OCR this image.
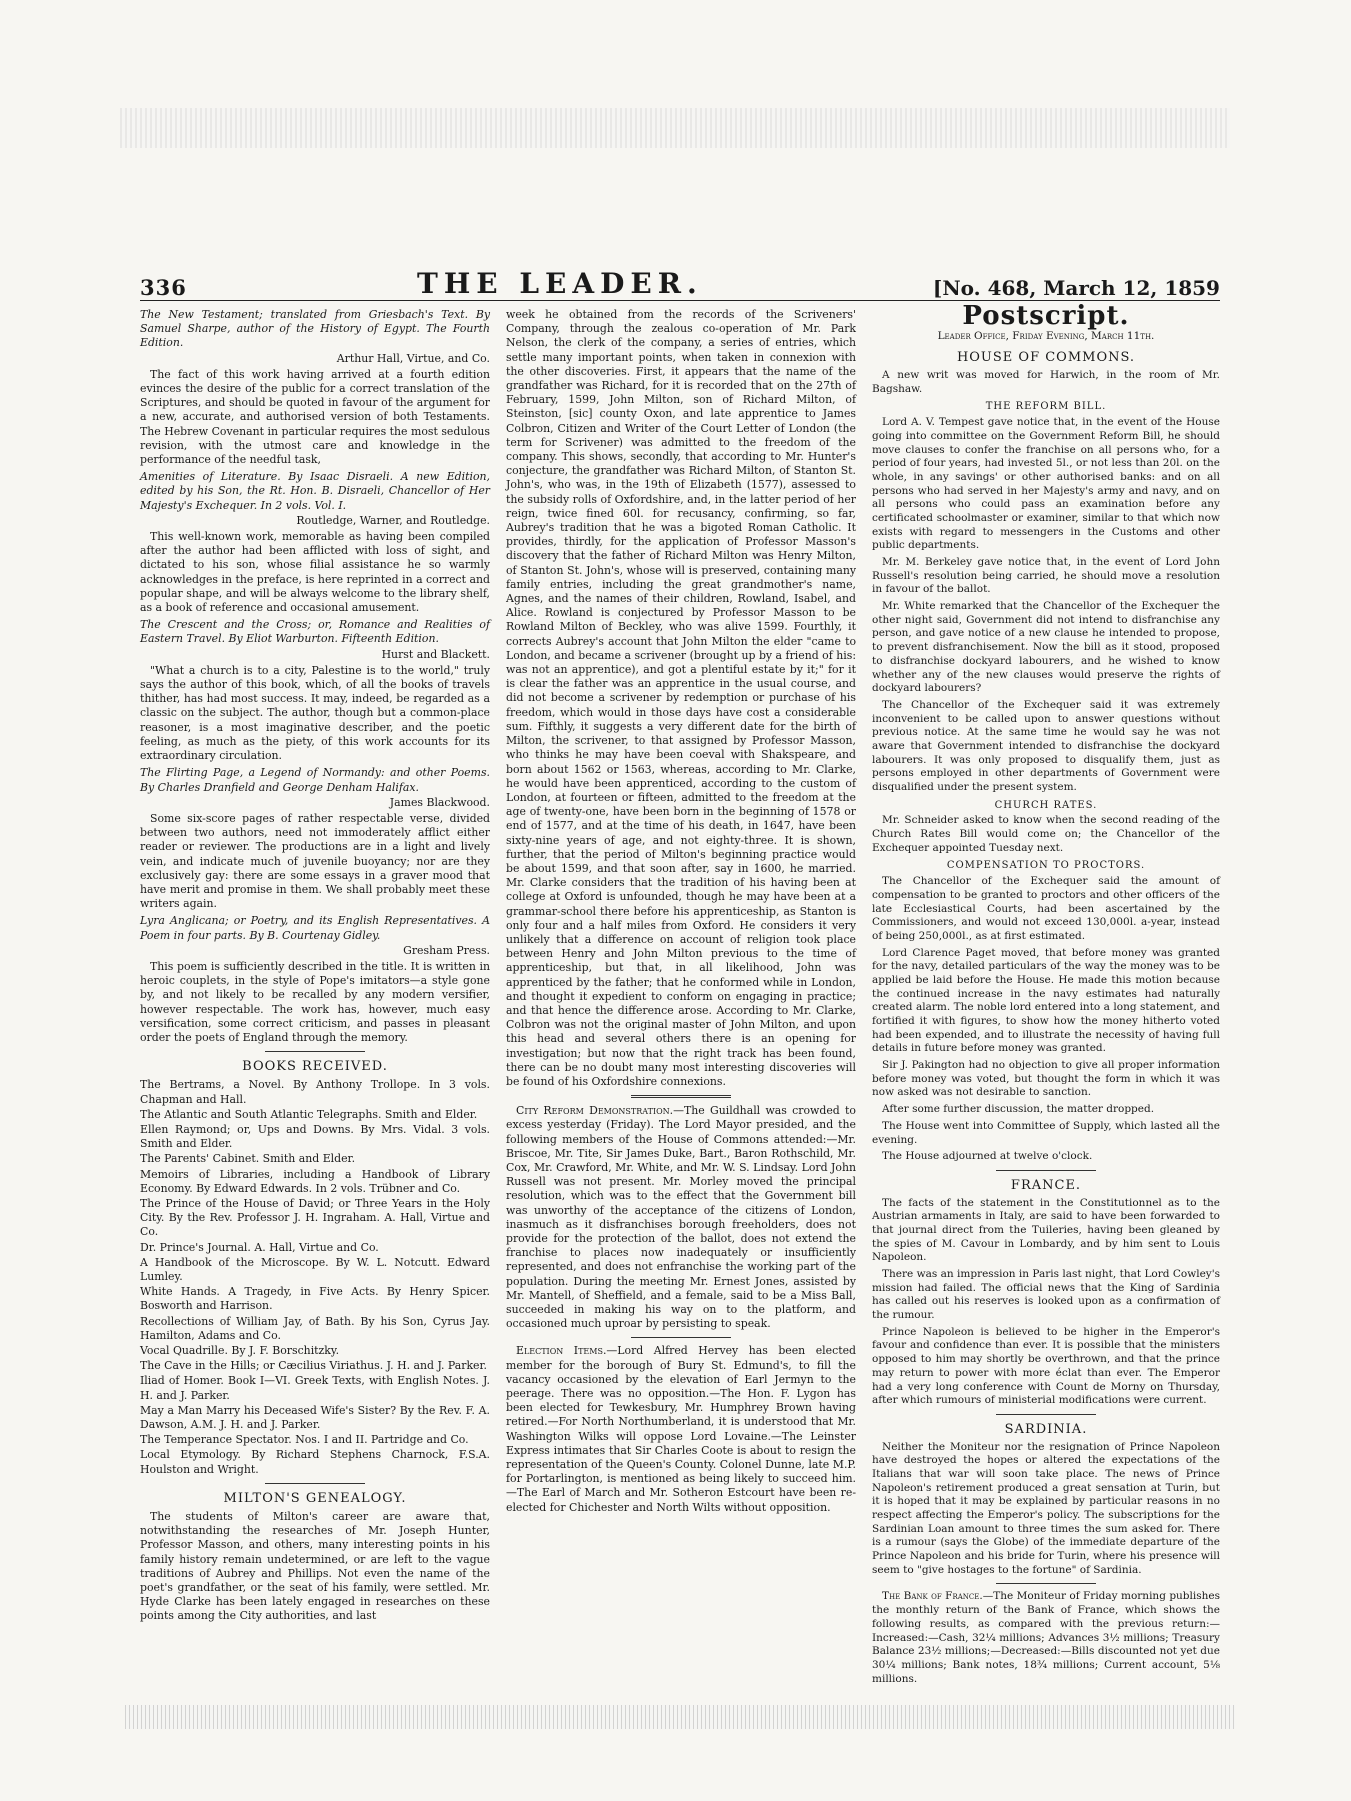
336	THE LEADER.	[No. 468, March 12, 1859
The New Testament; translated from Griesbach's Text. By Samuel Sharpe, author of the History of Egypt. The Fourth Edition.
Arthur Hall, Virtue, and Co.

The fact of this work having arrived at a fourth edition evinces the desire of the public for a correct translation of the Scriptures, and should be quoted in favour of the argument for a new, accurate, and authorised version of both Testaments. The Hebrew Covenant in particular requires the most sedulous revision, with the utmost care and knowledge in the performance of the needful task,

Amenities of Literature. By Isaac Disraeli. A new Edition, edited by his Son, the Rt. Hon. B. Disraeli, Chancellor of Her Majesty's Exchequer. In 2 vols. Vol. I.
Routledge, Warner, and Routledge.

This well-known work, memorable as having been compiled after the author had been afflicted with loss of sight, and dictated to his son, whose filial assistance he so warmly acknowledges in the preface, is here reprinted in a correct and popular shape, and will be always welcome to the library shelf, as a book of reference and occasional amusement.

The Crescent and the Cross; or, Romance and Realities of Eastern Travel. By Eliot Warburton. Fifteenth Edition.
Hurst and Blackett.

"What a church is to a city, Palestine is to the world," truly says the author of this book, which, of all the books of travels thither, has had most success. It may, indeed, be regarded as a classic on the subject. The author, though but a common-place reasoner, is a most imaginative describer, and the poetic feeling, as much as the piety, of this work accounts for its extraordinary circulation.

The Flirting Page, a Legend of Normandy: and other Poems. By Charles Dranfield and George Denham Halifax.
James Blackwood.

Some six-score pages of rather respectable verse, divided between two authors, need not immoderately afflict either reader or reviewer. The productions are in a light and lively vein, and indicate much of juvenile buoyancy; nor are they exclusively gay: there are some essays in a graver mood that have merit and promise in them. We shall probably meet these writers again.

Lyra Anglicana; or Poetry, and its English Representatives. A Poem in four parts. By B. Courtenay Gidley.
Gresham Press.

This poem is sufficiently described in the title. It is written in heroic couplets, in the style of Pope's imitators—a style gone by, and not likely to be recalled by any modern versifier, however respectable. The work has, however, much easy versification, some correct criticism, and passes in pleasant order the poets of England through the memory.

BOOKS RECEIVED.
The Bertrams, a Novel. By Anthony Trollope. In 3 vols. Chapman and Hall.
The Atlantic and South Atlantic Telegraphs. Smith and Elder.
Ellen Raymond; or, Ups and Downs. By Mrs. Vidal. 3 vols. Smith and Elder.
The Parents' Cabinet. Smith and Elder.
Memoirs of Libraries, including a Handbook of Library Economy. By Edward Edwards. In 2 vols. Trübner and Co.
The Prince of the House of David; or Three Years in the Holy City. By the Rev. Professor J. H. Ingraham. A. Hall, Virtue and Co.
Dr. Prince's Journal. A. Hall, Virtue and Co.
A Handbook of the Microscope. By W. L. Notcutt. Edward Lumley.
White Hands. A Tragedy, in Five Acts. By Henry Spicer. Bosworth and Harrison.
Recollections of William Jay, of Bath. By his Son, Cyrus Jay. Hamilton, Adams and Co.
Vocal Quadrille. By J. F. Borschitzky.
The Cave in the Hills; or Cæcilius Viriathus. J. H. and J. Parker.
Iliad of Homer. Book I—VI. Greek Texts, with English Notes. J. H. and J. Parker.
May a Man Marry his Deceased Wife's Sister? By the Rev. F. A. Dawson, A.M. J. H. and J. Parker.
The Temperance Spectator. Nos. I and II. Partridge and Co.
Local Etymology. By Richard Stephens Charnock, F.S.A. Houlston and Wright.
MILTON'S GENEALOGY.

The students of Milton's career are aware that, notwithstanding the researches of Mr. Joseph Hunter, Professor Masson, and others, many interesting points in his family history remain undetermined, or are left to the vague traditions of Aubrey and Phillips. Not even the name of the poet's grandfather, or the seat of his family, were settled. Mr. Hyde Clarke has been lately engaged in researches on these points among the City authorities, and last

week he obtained from the records of the Scriveners' Company, through the zealous co-operation of Mr. Park Nelson, the clerk of the company, a series of entries, which settle many important points, when taken in connexion with the other discoveries. First, it appears that the name of the grandfather was Richard, for it is recorded that on the 27th of February, 1599, John Milton, son of Richard Milton, of Steinston, [sic] county Oxon, and late apprentice to James Colbron, Citizen and Writer of the Court Letter of London (the term for Scrivener) was admitted to the freedom of the company. This shows, secondly, that according to Mr. Hunter's conjecture, the grandfather was Richard Milton, of Stanton St. John's, who was, in the 19th of Elizabeth (1577), assessed to the subsidy rolls of Oxfordshire, and, in the latter period of her reign, twice fined 60l. for recusancy, confirming, so far, Aubrey's tradition that he was a bigoted Roman Catholic. It provides, thirdly, for the application of Professor Masson's discovery that the father of Richard Milton was Henry Milton, of Stanton St. John's, whose will is preserved, containing many family entries, including the great grandmother's name, Agnes, and the names of their children, Rowland, Isabel, and Alice. Rowland is conjectured by Professor Masson to be Rowland Milton of Beckley, who was alive 1599. Fourthly, it corrects Aubrey's account that John Milton the elder "came to London, and became a scrivener (brought up by a friend of his: was not an apprentice), and got a plentiful estate by it;" for it is clear the father was an apprentice in the usual course, and did not become a scrivener by redemption or purchase of his freedom, which would in those days have cost a considerable sum. Fifthly, it suggests a very different date for the birth of Milton, the scrivener, to that assigned by Professor Masson, who thinks he may have been coeval with Shakspeare, and born about 1562 or 1563, whereas, according to Mr. Clarke, he would have been apprenticed, according to the custom of London, at fourteen or fifteen, admitted to the freedom at the age of twenty-one, have been born in the beginning of 1578 or end of 1577, and at the time of his death, in 1647, have been sixty-nine years of age, and not eighty-three. It is shown, further, that the period of Milton's beginning practice would be about 1599, and that soon after, say in 1600, he married. Mr. Clarke considers that the tradition of his having been at college at Oxford is unfounded, though he may have been at a grammar-school there before his apprenticeship, as Stanton is only four and a half miles from Oxford. He considers it very unlikely that a difference on account of religion took place between Henry and John Milton previous to the time of apprenticeship, but that, in all likelihood, John was apprenticed by the father; that he conformed while in London, and thought it expedient to conform on engaging in practice; and that hence the difference arose. According to Mr. Clarke, Colbron was not the original master of John Milton, and upon this head and several others there is an opening for investigation; but now that the right track has been found, there can be no doubt many most interesting discoveries will be found of his Oxfordshire connexions.

City Reform Demonstration.—The Guildhall was crowded to excess yesterday (Friday). The Lord Mayor presided, and the following members of the House of Commons attended:—Mr. Briscoe, Mr. Tite, Sir James Duke, Bart., Baron Rothschild, Mr. Cox, Mr. Crawford, Mr. White, and Mr. W. S. Lindsay. Lord John Russell was not present. Mr. Morley moved the principal resolution, which was to the effect that the Government bill was unworthy of the acceptance of the citizens of London, inasmuch as it disfranchises borough freeholders, does not provide for the protection of the ballot, does not extend the franchise to places now inadequately or insufficiently represented, and does not enfranchise the working part of the population. During the meeting Mr. Ernest Jones, assisted by Mr. Mantell, of Sheffield, and a female, said to be a Miss Ball, succeeded in making his way on to the platform, and occasioned much uproar by persisting to speak.

Election Items.—Lord Alfred Hervey has been elected member for the borough of Bury St. Edmund's, to fill the vacancy occasioned by the elevation of Earl Jermyn to the peerage. There was no opposition.—The Hon. F. Lygon has been elected for Tewkesbury, Mr. Humphrey Brown having retired.—For North Northumberland, it is understood that Mr. Washington Wilks will oppose Lord Lovaine.—The Leinster Express intimates that Sir Charles Coote is about to resign the representation of the Queen's County. Colonel Dunne, late M.P. for Portarlington, is mentioned as being likely to succeed him.—The Earl of March and Mr. Sotheron Estcourt have been re-elected for Chichester and North Wilts without opposition.

Postscript.
Leader Office, Friday Evening, March 11th.
HOUSE OF COMMONS.

A new writ was moved for Harwich, in the room of Mr. Bagshaw.

THE REFORM BILL.

Lord A. V. Tempest gave notice that, in the event of the House going into committee on the Government Reform Bill, he should move clauses to confer the franchise on all persons who, for a period of four years, had invested 5l., or not less than 20l. on the whole, in any savings' or other authorised banks: and on all persons who had served in her Majesty's army and navy, and on all persons who could pass an examination before any certificated schoolmaster or examiner, similar to that which now exists with regard to messengers in the Customs and other public departments.

Mr. M. Berkeley gave notice that, in the event of Lord John Russell's resolution being carried, he should move a resolution in favour of the ballot.

Mr. White remarked that the Chancellor of the Exchequer the other night said, Government did not intend to disfranchise any person, and gave notice of a new clause he intended to propose, to prevent disfranchisement. Now the bill as it stood, proposed to disfranchise dockyard labourers, and he wished to know whether any of the new clauses would preserve the rights of dockyard labourers?

The Chancellor of the Exchequer said it was extremely inconvenient to be called upon to answer questions without previous notice. At the same time he would say he was not aware that Government intended to disfranchise the dockyard labourers. It was only proposed to disqualify them, just as persons employed in other departments of Government were disqualified under the present system.

CHURCH RATES.

Mr. Schneider asked to know when the second reading of the Church Rates Bill would come on; the Chancellor of the Exchequer appointed Tuesday next.

COMPENSATION TO PROCTORS.

The Chancellor of the Exchequer said the amount of compensation to be granted to proctors and other officers of the late Ecclesiastical Courts, had been ascertained by the Commissioners, and would not exceed 130,000l. a-year, instead of being 250,000l., as at first estimated.

Lord Clarence Paget moved, that before money was granted for the navy, detailed particulars of the way the money was to be applied be laid before the House. He made this motion because the continued increase in the navy estimates had naturally created alarm. The noble lord entered into a long statement, and fortified it with figures, to show how the money hitherto voted had been expended, and to illustrate the necessity of having full details in future before money was granted.

Sir J. Pakington had no objection to give all proper information before money was voted, but thought the form in which it was now asked was not desirable to sanction.

After some further discussion, the matter dropped.

The House went into Committee of Supply, which lasted all the evening.

The House adjourned at twelve o'clock.

FRANCE.

The facts of the statement in the Constitutionnel as to the Austrian armaments in Italy, are said to have been forwarded to that journal direct from the Tuileries, having been gleaned by the spies of M. Cavour in Lombardy, and by him sent to Louis Napoleon.

There was an impression in Paris last night, that Lord Cowley's mission had failed. The official news that the King of Sardinia has called out his reserves is looked upon as a confirmation of the rumour.

Prince Napoleon is believed to be higher in the Emperor's favour and confidence than ever. It is possible that the ministers opposed to him may shortly be overthrown, and that the prince may return to power with more éclat than ever. The Emperor had a very long conference with Count de Morny on Thursday, after which rumours of ministerial modifications were current.

SARDINIA.

Neither the Moniteur nor the resignation of Prince Napoleon have destroyed the hopes or altered the expectations of the Italians that war will soon take place. The news of Prince Napoleon's retirement produced a great sensation at Turin, but it is hoped that it may be explained by particular reasons in no respect affecting the Emperor's policy. The subscriptions for the Sardinian Loan amount to three times the sum asked for. There is a rumour (says the Globe) of the immediate departure of the Prince Napoleon and his bride for Turin, where his presence will seem to "give hostages to the fortune" of Sardinia.

The Bank of France.—The Moniteur of Friday morning publishes the monthly return of the Bank of France, which shows the following results, as compared with the previous return:—Increased:—Cash, 32¼ millions; Advances 3½ millions; Treasury Balance 23½ millions;—Decreased:—Bills discounted not yet due 30¼ millions; Bank notes, 18¾ millions; Current account, 5⅛ millions.
